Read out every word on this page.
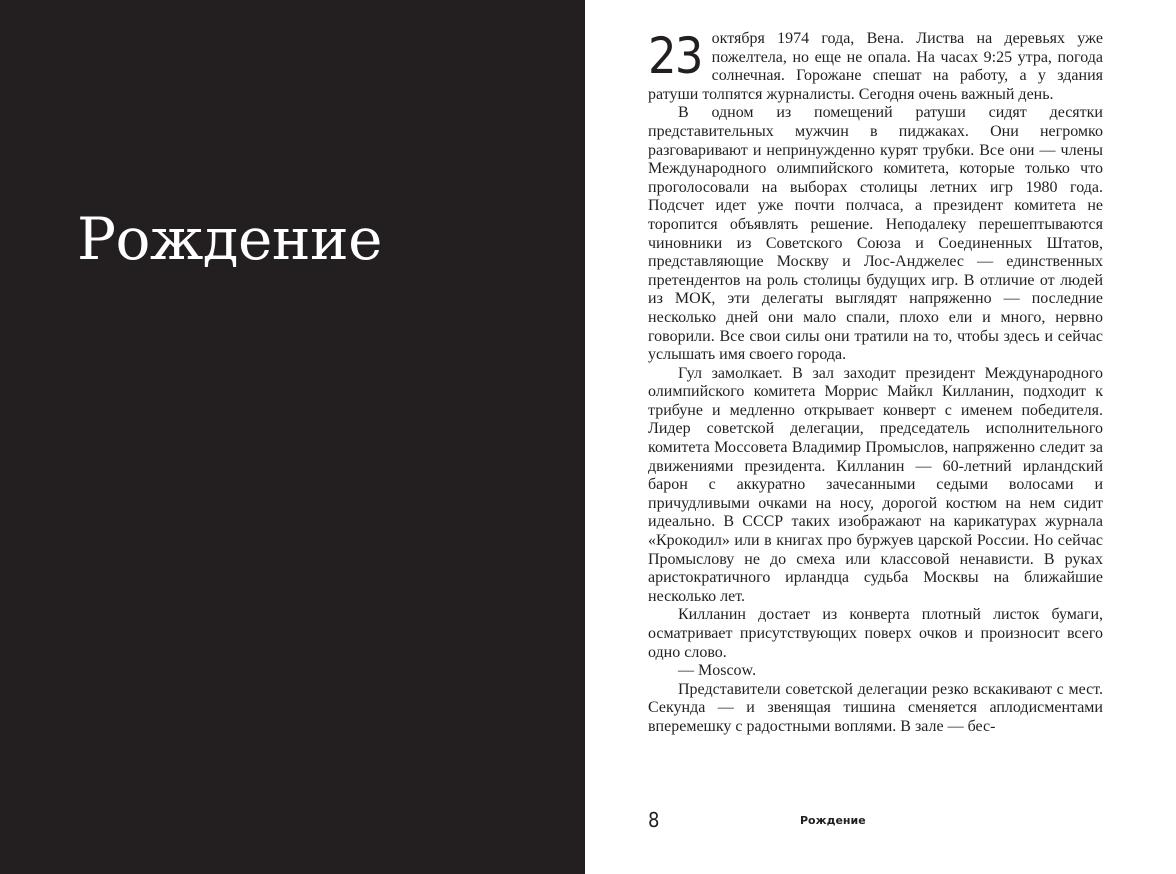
Рождение

23 октября 1974 года, Вена. Листва на деревьях уже пожелтела, но еще не опала. На часах 9:25 утра, погода солнечная. Горожане спешат на работу, а у здания ратуши толпятся журналисты. Сегодня очень важный день.

В одном из помещений ратуши сидят десятки представительных мужчин в пиджаках. Они негромко разговаривают и непринужденно курят трубки. Все они — члены Международного олимпийского комитета, которые только что проголосовали на выборах столицы летних игр 1980 года. Подсчет идет уже почти полчаса, а президент комитета не торопится объявлять решение. Неподалеку перешептываются чиновники из Советского Союза и Соединенных Штатов, представляющие Москву и Лос-Анджелес — единственных претендентов на роль столицы будущих игр. В отличие от людей из МОК, эти делегаты выглядят напряженно — последние несколько дней они мало спали, плохо ели и много, нервно говорили. Все свои силы они тратили на то, чтобы здесь и сейчас услышать имя своего города.

Гул замолкает. В зал заходит президент Международного олимпийского комитета Моррис Майкл Килланин, подходит к трибуне и медленно открывает конверт с именем победителя. Лидер советской делегации, председатель исполнительного комитета Моссовета Владимир Промыслов, напряженно следит за движениями президента. Килланин — 60-летний ирландский барон с аккуратно зачесанными седыми волосами и причудливыми очками на носу, дорогой костюм на нем сидит идеально. В СССР таких изображают на карикатурах журнала «Крокодил» или в книгах про буржуев царской России. Но сейчас Промыслову не до смеха или классовой ненависти. В руках аристократичного ирландца судьба Москвы на ближайшие несколько лет.

Килланин достает из конверта плотный листок бумаги, осматривает присутствующих поверх очков и произносит всего одно слово.

— Moscow.

Представители советской делегации резко вскакивают с мест. Секунда — и звенящая тишина сменяется аплодисментами вперемешку с радостными воплями. В зале — бес-

8	Рождение
